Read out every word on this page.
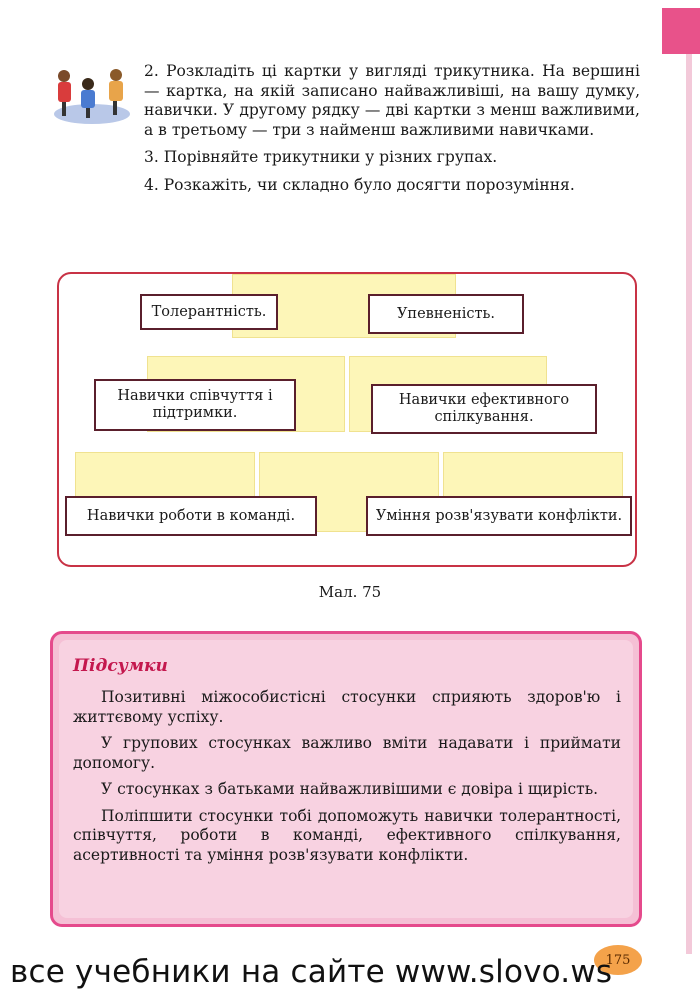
2. Розкладіть ці картки у вигляді трикутника. На вершині — картка, на якій записано найважливіші, на вашу думку, навички. У другому рядку — дві картки з менш важливими, а в третьому — три з найменш важливими навичками.

3. Порівняйте трикутники у різних групах.

4. Розкажіть, чи складно було досягти порозуміння.

Толерантність.	Упевненість.
Навички співчуття і підтримки.
Навички ефективного спілкування.
Навички роботи в команді.	Уміння розв'язувати конфлікти.
Мал. 75
Підсумки

Позитивні міжособистісні стосунки сприяють здоров'ю і життєвому успіху.

У групових стосунках важливо вміти надавати і приймати допомогу.

У стосунках з батьками найважливішими є довіра і щирість.

Поліпшити стосунки тобі допоможуть навички толерантності, співчуття, роботи в команді, ефективного спілкування, асертивності та уміння розв'язувати конфлікти.

175
все учебники на сайте www.slovo.ws
